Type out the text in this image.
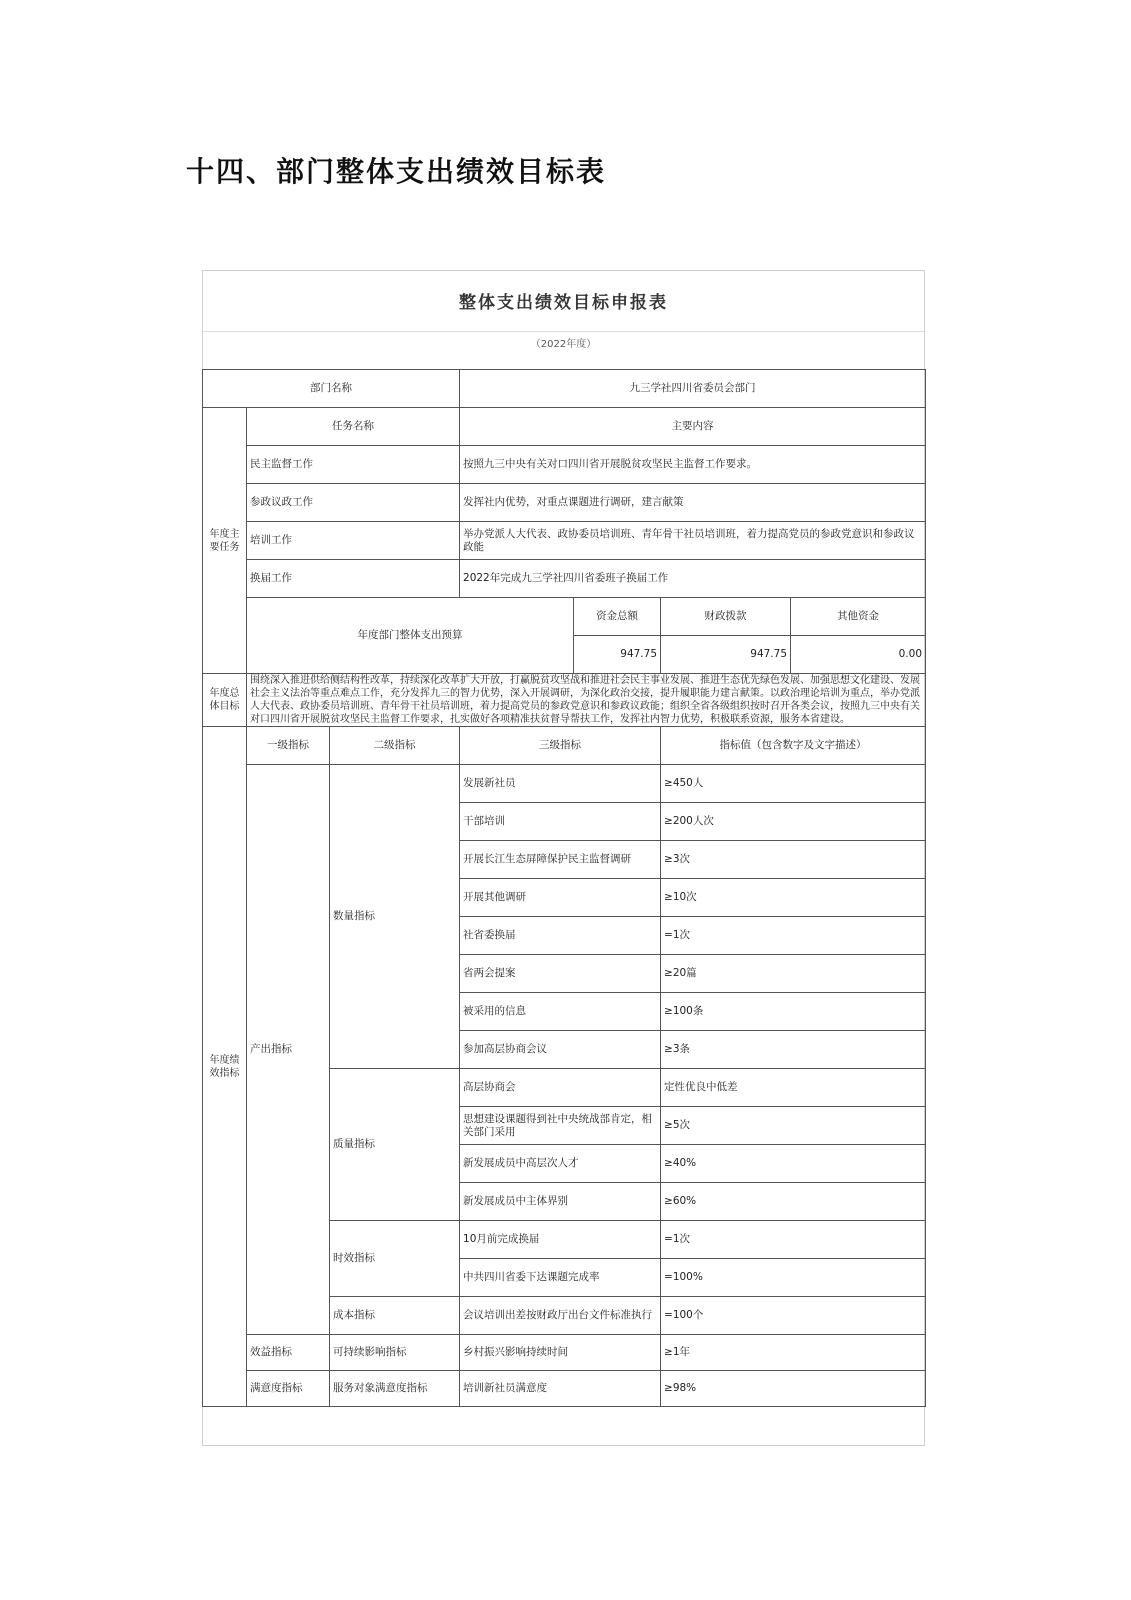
十四、部门整体支出绩效目标表
整体支出绩效目标申报表
（2022年度）
部门名称			九三学社四川省委员会部门			
年度主要任务	任务名称		主要内容			
	民主监督工作		按照九三中央有关对口四川省开展脱贫攻坚民主监督工作要求。			
	参政议政工作		发挥社内优势，对重点课题进行调研，建言献策			
	培训工作		举办党派人大代表、政协委员培训班、青年骨干社员培训班，着力提高党员的参政党意识和参政议政能			
	换届工作		2022年完成九三学社四川省委班子换届工作			
	年度部门整体支出预算			资金总额	财政拨款	其他资金
				947.75	947.75	0.00
年度总体目标	围绕深入推进供给侧结构性改革，持续深化改革扩大开放，打赢脱贫攻坚战和推进社会民主事业发展、推进生态优先绿色发展、加强思想文化建设、发展社会主义法治等重点难点工作，充分发挥九三的智力优势，深入开展调研，为深化政治交接，提升履职能力建言献策。以政治理论培训为重点，举办党派人大代表、政协委员培训班、青年骨干社员培训班，着力提高党员的参政党意识和参政议政能；组织全省各级组织按时召开各类会议，按照九三中央有关对口四川省开展脱贫攻坚民主监督工作要求，扎实做好各项精准扶贫督导帮扶工作，发挥社内智力优势，积极联系资源，服务本省建设。					
年度绩效指标	一级指标	二级指标	三级指标		指标值（包含数字及文字描述）	
	产出指标	数量指标	发展新社员		≥450人	
			干部培训		≥200人次	
			开展长江生态屏障保护民主监督调研		≥3次	
			开展其他调研		≥10次	
			社省委换届		=1次	
			省两会提案		≥20篇	
			被采用的信息		≥100条	
			参加高层协商会议		≥3条	
		质量指标	高层协商会		定性优良中低差	
			思想建设课题得到社中央统战部肯定，相关部门采用		≥5次	
			新发展成员中高层次人才		≥40%	
			新发展成员中主体界别		≥60%	
		时效指标	10月前完成换届		=1次	
			中共四川省委下达课题完成率		=100%	
		成本指标	会议培训出差按财政厅出台文件标准执行		=100个	
	效益指标	可持续影响指标	乡村振兴影响持续时间		≥1年	
	满意度指标	服务对象满意度指标	培训新社员满意度		≥98%	
